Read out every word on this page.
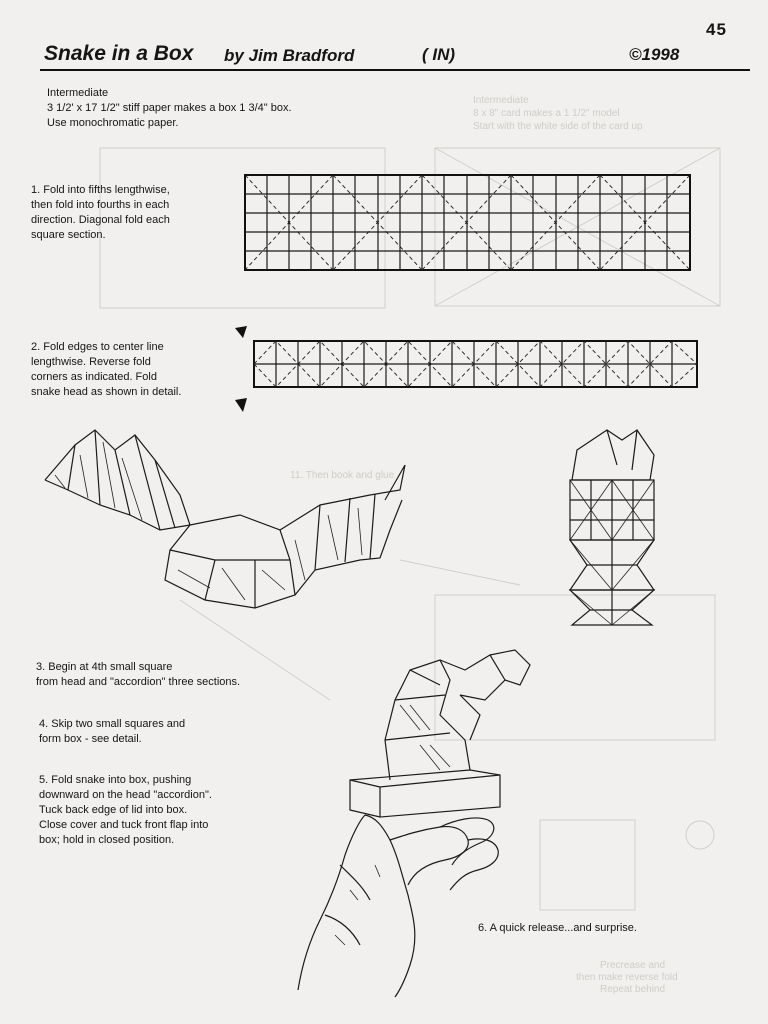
Intermediate
8 x 8" card makes a 1 1/2" model
Start with the white side of the card up
11. Then book and glue
Precrease and
then make reverse fold
Repeat behind
45
Snake in a Box by Jim Bradford	( IN)	©1998
Intermediate
3 1/2' x 17 1/2" stiff paper makes a box 1 3/4" box.
Use monochromatic paper.
1. Fold into fifths lengthwise,
then fold into fourths in each
direction. Diagonal fold each
square section.
2. Fold edges to center line
lengthwise. Reverse fold
corners as indicated. Fold
snake head as shown in detail.
3. Begin at 4th small square
from head and "accordion" three sections.
4. Skip two small squares and
form box - see detail.
5. Fold snake into box, pushing
downward on the head "accordion".
Tuck back edge of lid into box.
Close cover and tuck front flap into
box; hold in closed position.
6. A quick release...and surprise.
